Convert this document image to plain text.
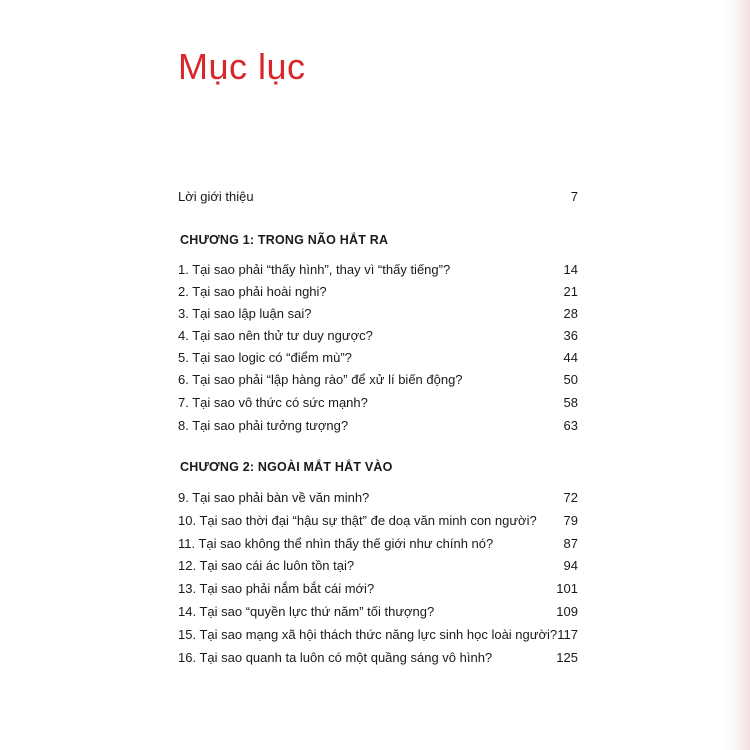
Mục lục
Lời giới thiệu	7
CHƯƠNG 1: TRONG NÃO HẮT RA
1. Tại sao phải “thấy hình”, thay vì “thấy tiếng”?	14
2. Tại sao phải hoài nghi?	21
3. Tại sao lập luận sai?	28
4. Tại sao nên thử tư duy ngược?	36
5. Tại sao logic có “điểm mù”?	44
6. Tại sao phải “lập hàng rào” để xử lí biến động?	50
7. Tại sao vô thức có sức mạnh?	58
8. Tại sao phải tưởng tượng?	63
CHƯƠNG 2: NGOÀI MẮT HẮT VÀO
9. Tại sao phải bàn về văn minh?	72
10. Tại sao thời đại “hậu sự thật” đe doạ văn minh con người? 79
11. Tại sao không thể nhìn thấy thế giới như chính nó?	87
12. Tại sao cái ác luôn tồn tại?	94
13. Tại sao phải nắm bắt cái mới?	101
14. Tại sao “quyền lực thứ năm” tối thượng?	109
15. Tại sao mạng xã hội thách thức năng lực sinh học loài người? 117
16. Tại sao quanh ta luôn có một quầng sáng vô hình?	125
